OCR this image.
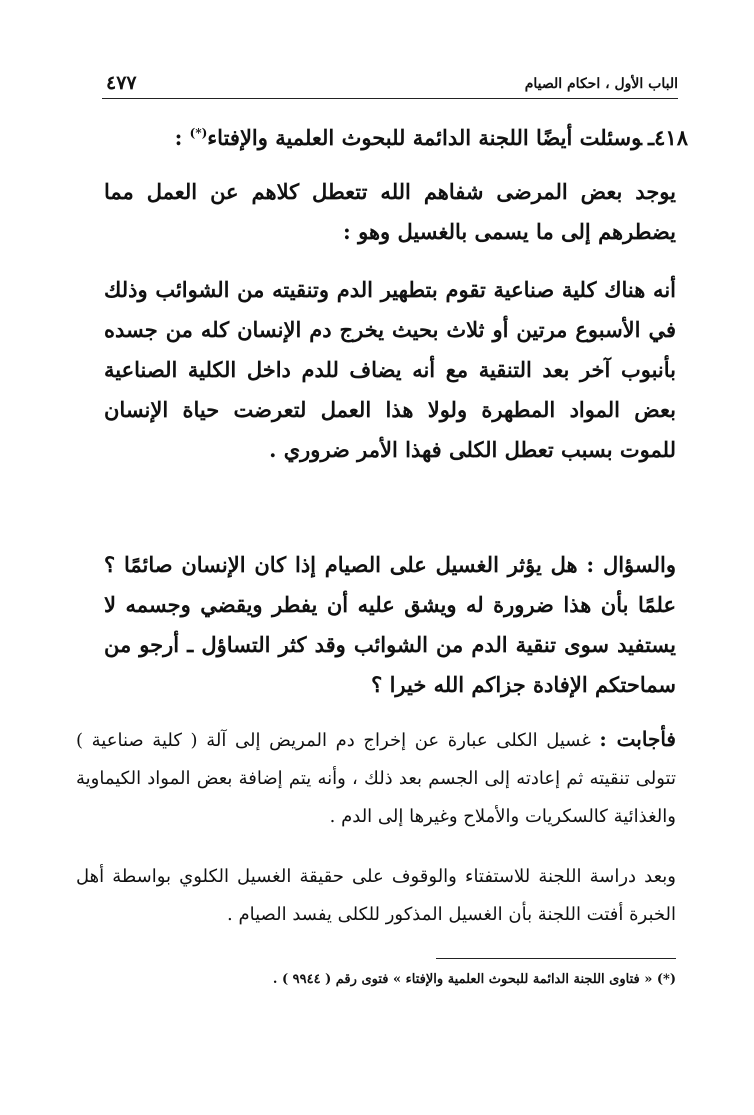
الباب الأول ، احكام الصيام
٤٧٧
٤١٨ـوسئلت أيضًا اللجنة الدائمة للبحوث العلمية والإفتاء(*) :
يوجد بعض المرضى شفاهم الله تتعطل كلاهم عن العمل مما يضطرهم إلى ما يسمى بالغسيل وهو :
أنه هناك كلية صناعية تقوم بتطهير الدم وتنقيته من الشوائب وذلك في الأسبوع مرتين أو ثلاث بحيث يخرج دم الإنسان كله من جسده بأنبوب آخر بعد التنقية مع أنه يضاف للدم داخل الكلية الصناعية بعض المواد المطهرة ولولا هذا العمل لتعرضت حياة الإنسان للموت بسبب تعطل الكلى فهذا الأمر ضروري .
والسؤال : هل يؤثر الغسيل على الصيام إذا كان الإنسان صائمًا ؟ علمًا بأن هذا ضرورة له ويشق عليه أن يفطر ويقضي وجسمه لا يستفيد سوى تنقية الدم من الشوائب وقد كثر التساؤل ـ أرجو من سماحتكم الإفادة جزاكم الله خيرا ؟
فأجابت : غسيل الكلى عبارة عن إخراج دم المريض إلى آلة ( كلية صناعية ) تتولى تنقيته ثم إعادته إلى الجسم بعد ذلك ، وأنه يتم إضافة بعض المواد الكيماوية والغذائية كالسكريات والأملاح وغيرها إلى الدم .
وبعد دراسة اللجنة للاستفتاء والوقوف على حقيقة الغسيل الكلوي بواسطة أهل الخبرة أفتت اللجنة بأن الغسيل المذكور للكلى يفسد الصيام .
(*) « فتاوى اللجنة الدائمة للبحوث العلمية والإفتاء » فتوى رقم ( ٩٩٤٤ ) .
